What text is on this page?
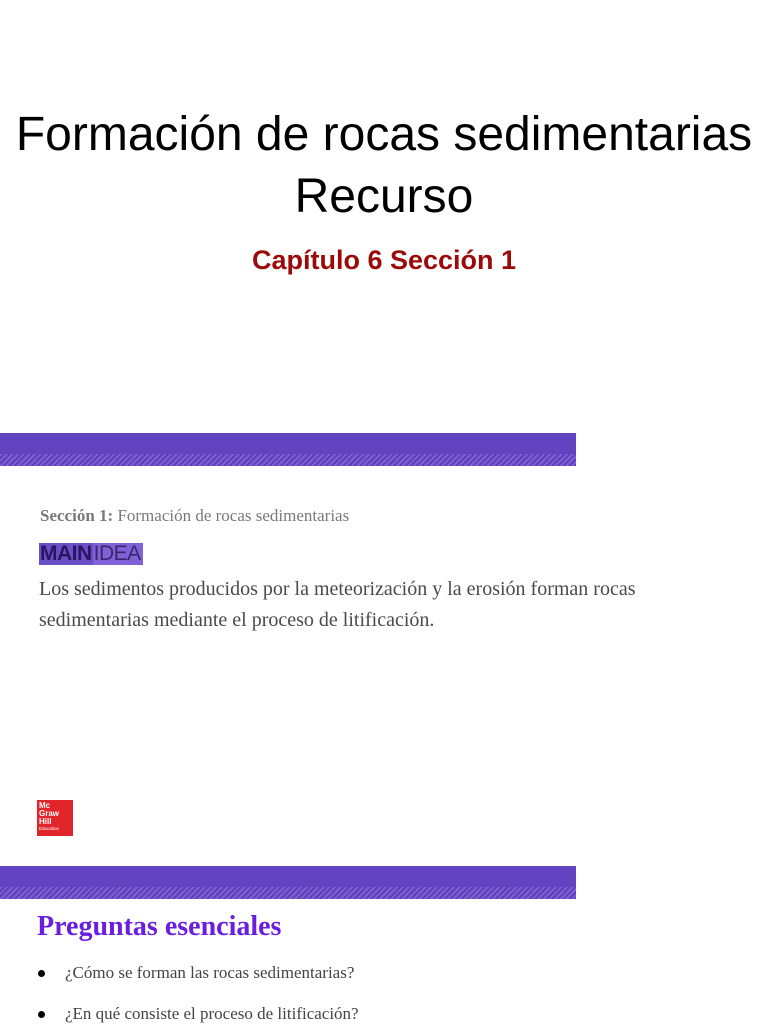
Formación de rocas sedimentarias Recurso
Capítulo 6 Sección 1
Sección 1: Formación de rocas sedimentarias
MAIN IDEA

Los sedimentos producidos por la meteorización y la erosión forman rocas sedimentarias mediante el proceso de litificación.

Mc
Graw
Hill
Education
Preguntas esenciales
¿Cómo se forman las rocas sedimentarias?
¿En qué consiste el proceso de litificación?
